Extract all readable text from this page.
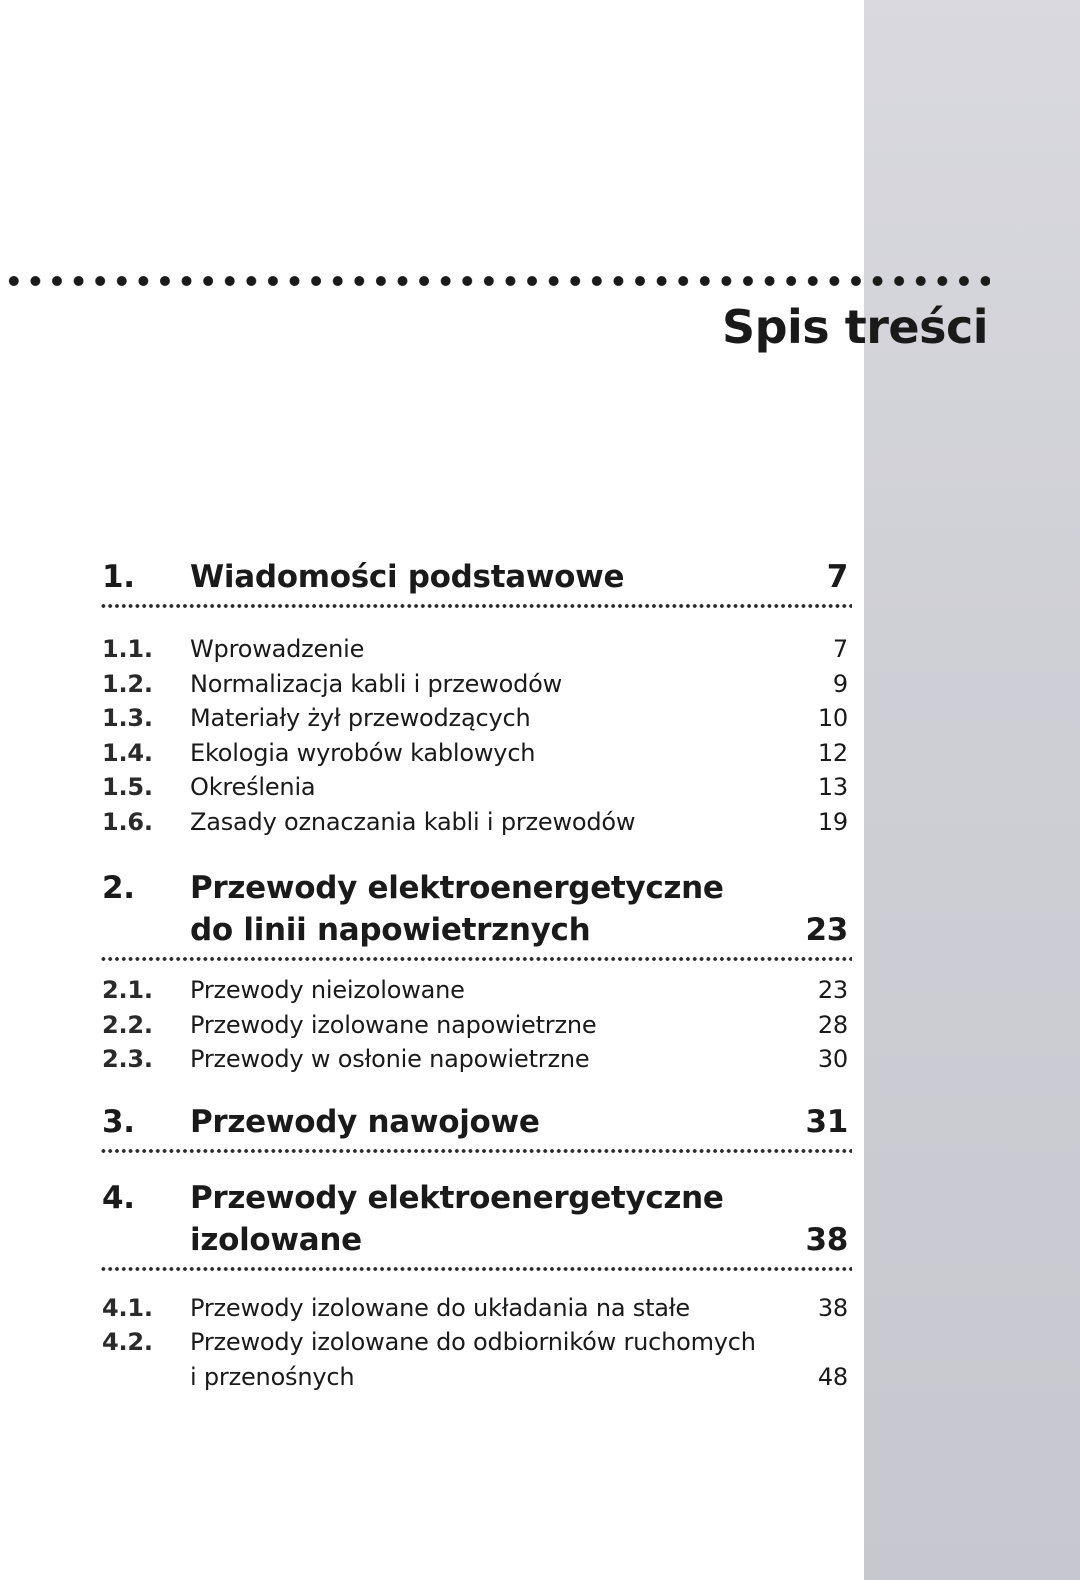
Spis treści
1. Wiadomości podstawowe	7
1.1. Wprowadzenie	7
1.2. Normalizacja kabli i przewodów	9
1.3. Materiały żył przewodzących	10
1.4. Ekologia wyrobów kablowych	12
1.5. Określenia	13
1.6. Zasady oznaczania kabli i przewodów	19
2. Przewody elektroenergetyczne
do linii napowietrznych	23
2.1. Przewody nieizolowane	23
2.2. Przewody izolowane napowietrzne	28
2.3. Przewody w osłonie napowietrzne	30
3. Przewody nawojowe	31
4. Przewody elektroenergetyczne
izolowane	38
4.1. Przewody izolowane do układania na stałe	38
4.2. Przewody izolowane do odbiorników ruchomych
i przenośnych	48
